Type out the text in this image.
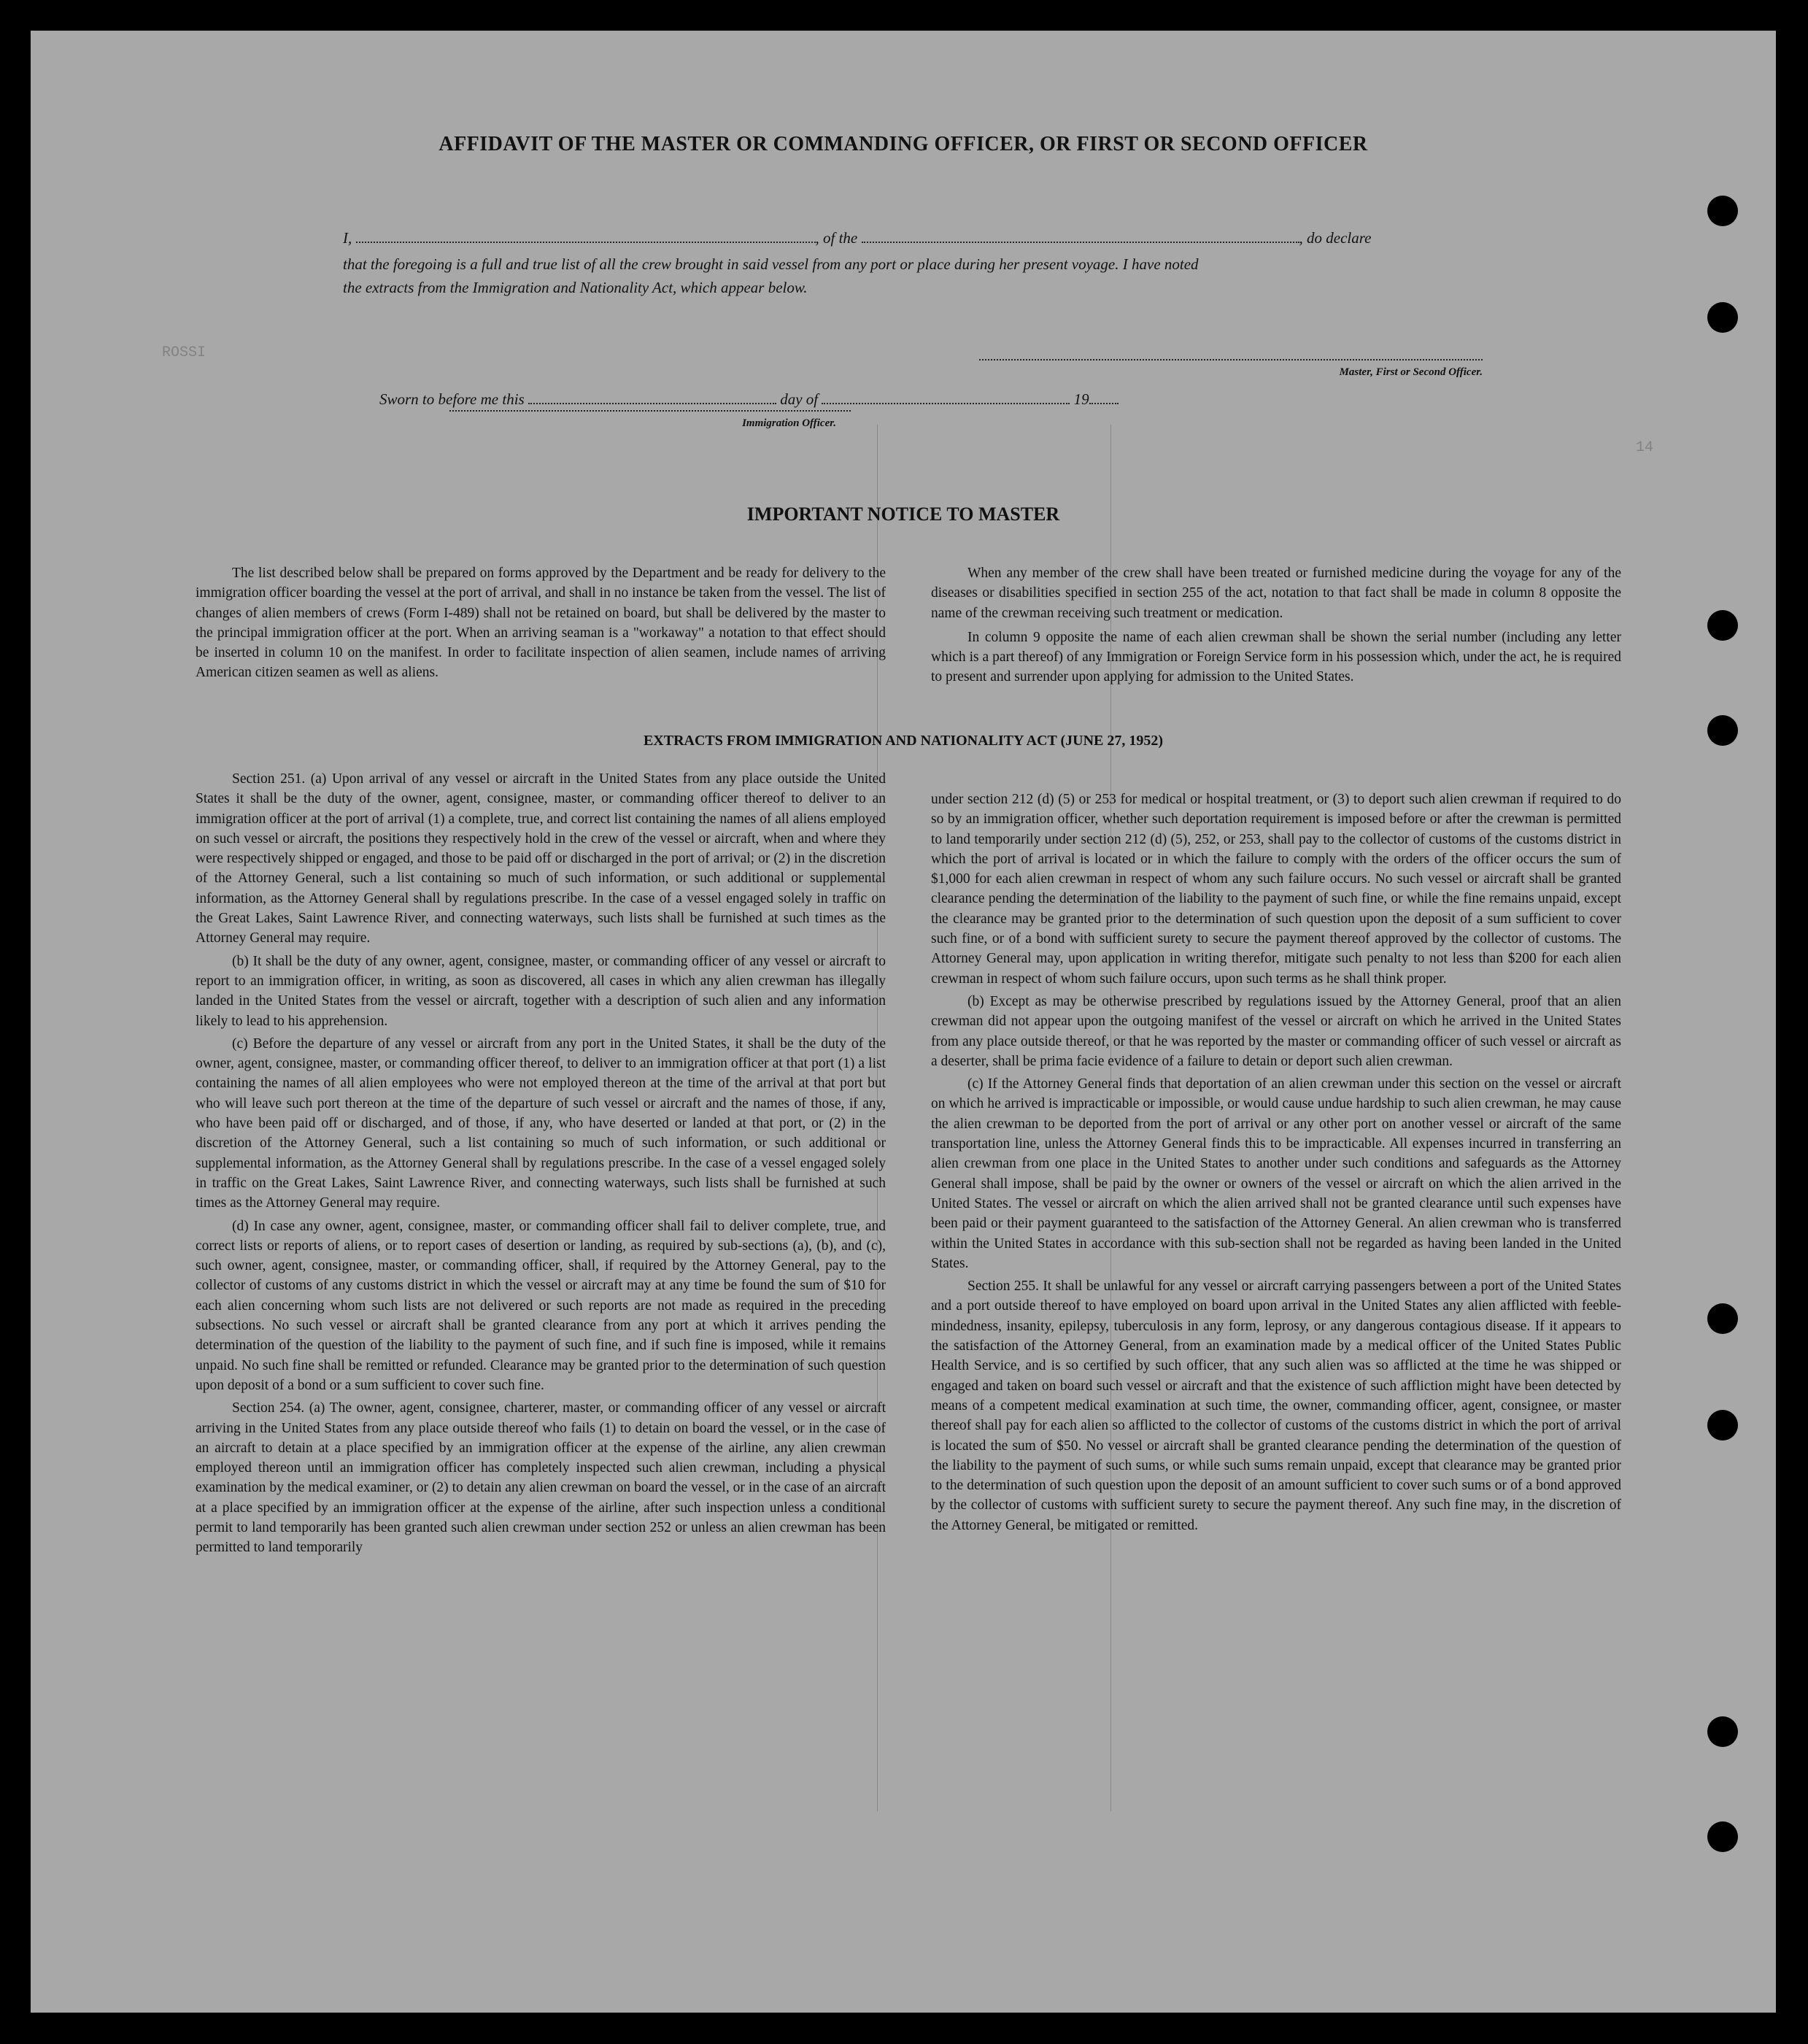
ROSSI
14
AFFIDAVIT OF THE MASTER OR COMMANDING OFFICER, OR FIRST OR SECOND OFFICER
I,	, of the	, do declare
that the foregoing is a full and true list of all the crew brought in said vessel from any port or place during her present voyage. I have noted
the extracts from the Immigration and Nationality Act, which appear below.
Master, First or Second Officer.
Sworn to before me this	day of	19
Immigration Officer.
IMPORTANT NOTICE TO MASTER

The list described below shall be prepared on forms approved by the Department and be ready for delivery to the immigration officer boarding the vessel at the port of arrival, and shall in no instance be taken from the vessel. The list of changes of alien members of crews (Form I-489) shall not be retained on board, but shall be delivered by the master to the principal immigration officer at the port. When an arriving seaman is a "workaway" a notation to that effect should be inserted in column 10 on the manifest. In order to facilitate inspection of alien seamen, include names of arriving American citizen seamen as well as aliens.

When any member of the crew shall have been treated or furnished medicine during the voyage for any of the diseases or disabilities specified in section 255 of the act, notation to that fact shall be made in column 8 opposite the name of the crewman receiving such treatment or medication.

In column 9 opposite the name of each alien crewman shall be shown the serial number (including any letter which is a part thereof) of any Immigration or Foreign Service form in his possession which, under the act, he is required to present and surrender upon applying for admission to the United States.

EXTRACTS FROM IMMIGRATION AND NATIONALITY ACT (JUNE 27, 1952)

Section 251. (a) Upon arrival of any vessel or aircraft in the United States from any place outside the United States it shall be the duty of the owner, agent, consignee, master, or commanding officer thereof to deliver to an immigration officer at the port of arrival (1) a complete, true, and correct list containing the names of all aliens employed on such vessel or aircraft, the positions they respectively hold in the crew of the vessel or aircraft, when and where they were respectively shipped or engaged, and those to be paid off or discharged in the port of arrival; or (2) in the discretion of the Attorney General, such a list containing so much of such information, or such additional or supplemental information, as the Attorney General shall by regulations prescribe. In the case of a vessel engaged solely in traffic on the Great Lakes, Saint Lawrence River, and connecting waterways, such lists shall be furnished at such times as the Attorney General may require.

(b) It shall be the duty of any owner, agent, consignee, master, or commanding officer of any vessel or aircraft to report to an immigration officer, in writing, as soon as discovered, all cases in which any alien crewman has illegally landed in the United States from the vessel or aircraft, together with a description of such alien and any information likely to lead to his apprehension.

(c) Before the departure of any vessel or aircraft from any port in the United States, it shall be the duty of the owner, agent, consignee, master, or commanding officer thereof, to deliver to an immigration officer at that port (1) a list containing the names of all alien employees who were not employed thereon at the time of the arrival at that port but who will leave such port thereon at the time of the departure of such vessel or aircraft and the names of those, if any, who have been paid off or discharged, and of those, if any, who have deserted or landed at that port, or (2) in the discretion of the Attorney General, such a list containing so much of such information, or such additional or supplemental information, as the Attorney General shall by regulations prescribe. In the case of a vessel engaged solely in traffic on the Great Lakes, Saint Lawrence River, and connecting waterways, such lists shall be furnished at such times as the Attorney General may require.

(d) In case any owner, agent, consignee, master, or commanding officer shall fail to deliver complete, true, and correct lists or reports of aliens, or to report cases of desertion or landing, as required by sub-sections (a), (b), and (c), such owner, agent, consignee, master, or commanding officer, shall, if required by the Attorney General, pay to the collector of customs of any customs district in which the vessel or aircraft may at any time be found the sum of $10 for each alien concerning whom such lists are not delivered or such reports are not made as required in the preceding subsections. No such vessel or aircraft shall be granted clearance from any port at which it arrives pending the determination of the question of the liability to the payment of such fine, and if such fine is imposed, while it remains unpaid. No such fine shall be remitted or refunded. Clearance may be granted prior to the determination of such question upon deposit of a bond or a sum sufficient to cover such fine.

Section 254. (a) The owner, agent, consignee, charterer, master, or commanding officer of any vessel or aircraft arriving in the United States from any place outside thereof who fails (1) to detain on board the vessel, or in the case of an aircraft to detain at a place specified by an immigration officer at the expense of the airline, any alien crewman employed thereon until an immigration officer has completely inspected such alien crewman, including a physical examination by the medical examiner, or (2) to detain any alien crewman on board the vessel, or in the case of an aircraft at a place specified by an immigration officer at the expense of the airline, after such inspection unless a conditional permit to land temporarily has been granted such alien crewman under section 252 or unless an alien crewman has been permitted to land temporarily

under section 212 (d) (5) or 253 for medical or hospital treatment, or (3) to deport such alien crewman if required to do so by an immigration officer, whether such deportation requirement is imposed before or after the crewman is permitted to land temporarily under section 212 (d) (5), 252, or 253, shall pay to the collector of customs of the customs district in which the port of arrival is located or in which the failure to comply with the orders of the officer occurs the sum of $1,000 for each alien crewman in respect of whom any such failure occurs. No such vessel or aircraft shall be granted clearance pending the determination of the liability to the payment of such fine, or while the fine remains unpaid, except the clearance may be granted prior to the determination of such question upon the deposit of a sum sufficient to cover such fine, or of a bond with sufficient surety to secure the payment thereof approved by the collector of customs. The Attorney General may, upon application in writing therefor, mitigate such penalty to not less than $200 for each alien crewman in respect of whom such failure occurs, upon such terms as he shall think proper.

(b) Except as may be otherwise prescribed by regulations issued by the Attorney General, proof that an alien crewman did not appear upon the outgoing manifest of the vessel or aircraft on which he arrived in the United States from any place outside thereof, or that he was reported by the master or commanding officer of such vessel or aircraft as a deserter, shall be prima facie evidence of a failure to detain or deport such alien crewman.

(c) If the Attorney General finds that deportation of an alien crewman under this section on the vessel or aircraft on which he arrived is impracticable or impossible, or would cause undue hardship to such alien crewman, he may cause the alien crewman to be deported from the port of arrival or any other port on another vessel or aircraft of the same transportation line, unless the Attorney General finds this to be impracticable. All expenses incurred in transferring an alien crewman from one place in the United States to another under such conditions and safeguards as the Attorney General shall impose, shall be paid by the owner or owners of the vessel or aircraft on which the alien arrived in the United States. The vessel or aircraft on which the alien arrived shall not be granted clearance until such expenses have been paid or their payment guaranteed to the satisfaction of the Attorney General. An alien crewman who is transferred within the United States in accordance with this sub-section shall not be regarded as having been landed in the United States.

Section 255. It shall be unlawful for any vessel or aircraft carrying passengers between a port of the United States and a port outside thereof to have employed on board upon arrival in the United States any alien afflicted with feeble-mindedness, insanity, epilepsy, tuberculosis in any form, leprosy, or any dangerous contagious disease. If it appears to the satisfaction of the Attorney General, from an examination made by a medical officer of the United States Public Health Service, and is so certified by such officer, that any such alien was so afflicted at the time he was shipped or engaged and taken on board such vessel or aircraft and that the existence of such affliction might have been detected by means of a competent medical examination at such time, the owner, commanding officer, agent, consignee, or master thereof shall pay for each alien so afflicted to the collector of customs of the customs district in which the port of arrival is located the sum of $50. No vessel or aircraft shall be granted clearance pending the determination of the question of the liability to the payment of such sums, or while such sums remain unpaid, except that clearance may be granted prior to the determination of such question upon the deposit of an amount sufficient to cover such sums or of a bond approved by the collector of customs with sufficient surety to secure the payment thereof. Any such fine may, in the discretion of the Attorney General, be mitigated or remitted.
